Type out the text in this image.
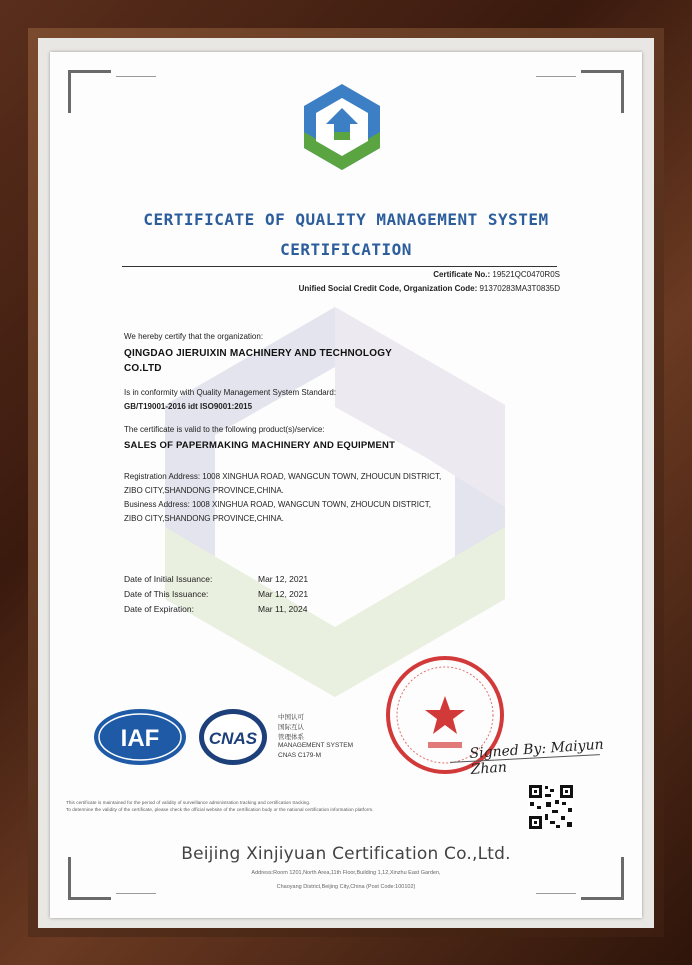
CERTIFICATE OF QUALITY MANAGEMENT SYSTEM
CERTIFICATION
Certificate No.: 19521QC0470R0S
Unified Social Credit Code, Organization Code: 91370283MA3T0835D
We hereby certify that the organization:
QINGDAO JIERUIXIN MACHINERY AND TECHNOLOGY
CO.LTD
Is in conformity with Quality Management System Standard:
GB/T19001-2016 idt ISO9001:2015
The certificate is valid to the following product(s)/service:
SALES OF PAPERMAKING MACHINERY AND EQUIPMENT
Registration Address: 1008 XINGHUA ROAD, WANGCUN TOWN, ZHOUCUN DISTRICT,
ZIBO CITY,SHANDONG PROVINCE,CHINA.
Business Address: 1008 XINGHUA ROAD, WANGCUN TOWN, ZHOUCUN DISTRICT,
ZIBO CITY,SHANDONG PROVINCE,CHINA.
Date of Initial Issuance:	Mar 12, 2021
Date of This Issuance:	Mar 12, 2021
Date of Expiration:	Mar 11, 2024
IAF	CNAS
中国认可
国际互认
管理体系
MANAGEMENT SYSTEM
CNAS C179-M	Signed By: Maiyun Zhan
This certificate is maintained for the period of validity of surveillance administration tracking and certification tracking.
To determine the validity of the certificate, please check the official website of the certification body or the national certification information platform.
Beijing Xinjiyuan Certification Co.,Ltd.
Address:Room 1201,North Area,11th Floor,Building 1,12,Xinzhu East Garden,
Chaoyang District,Beijing City,China (Post Code:100102)
